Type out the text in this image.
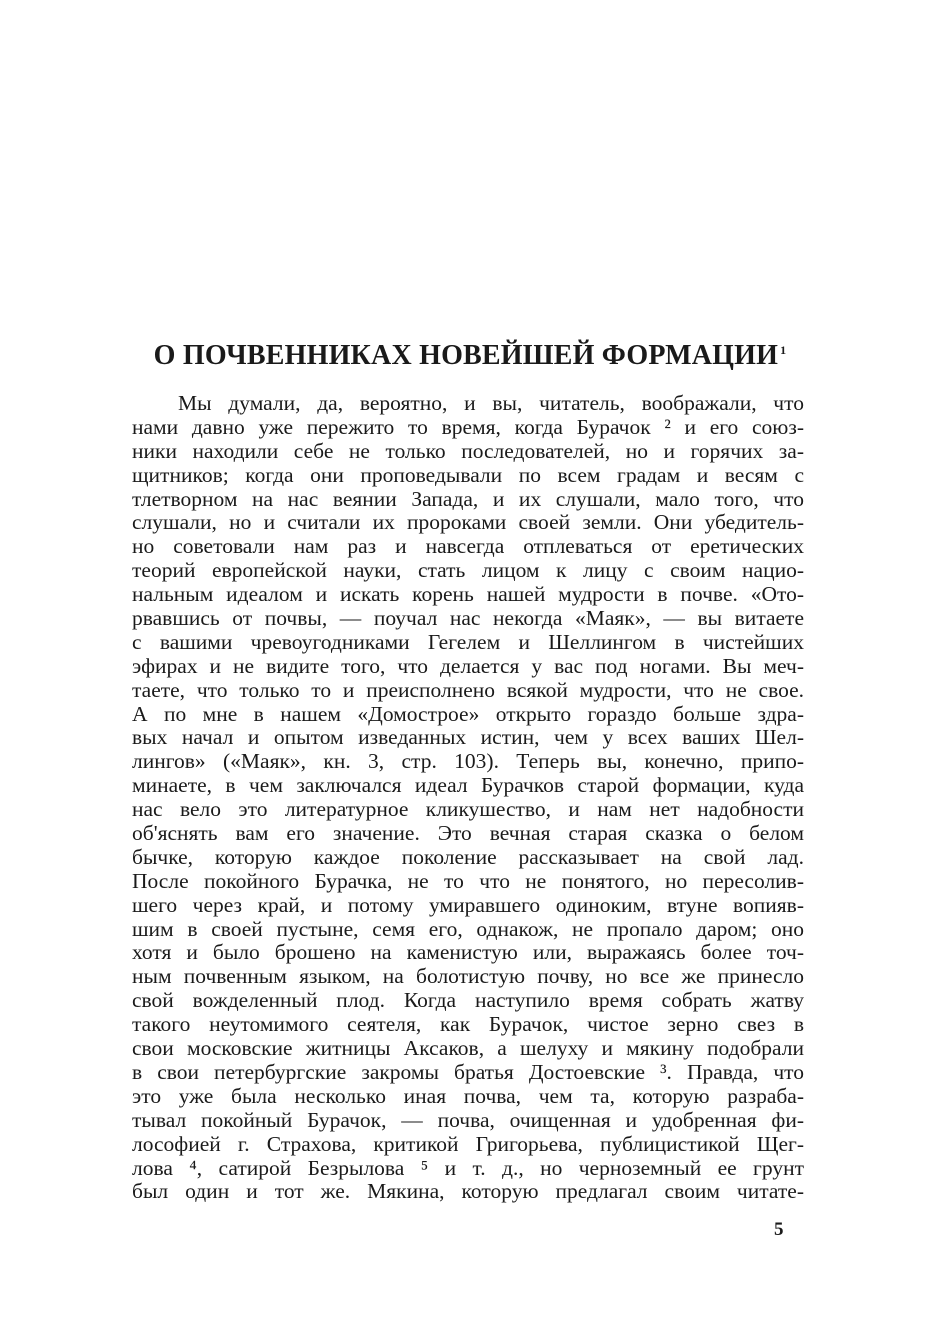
О ПОЧВЕННИКАХ НОВЕЙШЕЙ ФОРМАЦИИ $^1$
Мы думали, да, вероятно, и вы, читатель, воображали, что
нами давно уже пережито то время, когда Бурачок ² и его союз-
ники находили себе не только последователей, но и горячих за-
щитников; когда они проповедывали по всем градам и весям с
тлетворном на нас веянии Запада, и их слушали, мало того, что
слушали, но и считали их пророками своей земли. Они убедитель-
но советовали нам раз и навсегда отплеваться от еретических
теорий европейской науки, стать лицом к лицу с своим нацио-
нальным идеалом и искать корень нашей мудрости в почве. «Ото-
рвавшись от почвы, — поучал нас некогда «Маяк», — вы витаете
с вашими чревоугодниками Гегелем и Шеллингом в чистейших
эфирах и не видите того, что делается у вас под ногами. Вы меч-
таете, что только то и преисполнено всякой мудрости, что не свое.
А по мне в нашем «Домострое» открыто гораздо больше здра-
вых начал и опытом изведанных истин, чем у всех ваших Шел-
лингов» («Маяк», кн. 3, стр. 103). Теперь вы, конечно, припо-
минаете, в чем заключался идеал Бурачков старой формации, куда
нас вело это литературное кликушество, и нам нет надобности
об'яснять вам его значение. Это вечная старая сказка о белом
бычке, которую каждое поколение рассказывает на свой лад.
После покойного Бурачка, не то что не понятого, но пересолив-
шего через край, и потому умиравшего одиноким, втуне вопияв-
шим в своей пустыне, семя его, однакож, не пропало даром; оно
хотя и было брошено на каменистую или, выражаясь более точ-
ным почвенным языком, на болотистую почву, но все же принесло
свой вожделенный плод. Когда наступило время собрать жатву
такого неутомимого сеятеля, как Бурачок, чистое зерно свез в
свои московские житницы Аксаков, а шелуху и мякину подобрали
в свои петербургские закромы братья Достоевские ³. Правда, что
это уже была несколько иная почва, чем та, которую разраба-
тывал покойный Бурачок, — почва, очищенная и удобренная фи-
лософией г. Страхова, критикой Григорьева, публицистикой Щег-
лова ⁴, сатирой Безрылова ⁵ и т. д., но черноземный ее грунт
был один и тот же. Мякина, которую предлагал своим читате-
5
